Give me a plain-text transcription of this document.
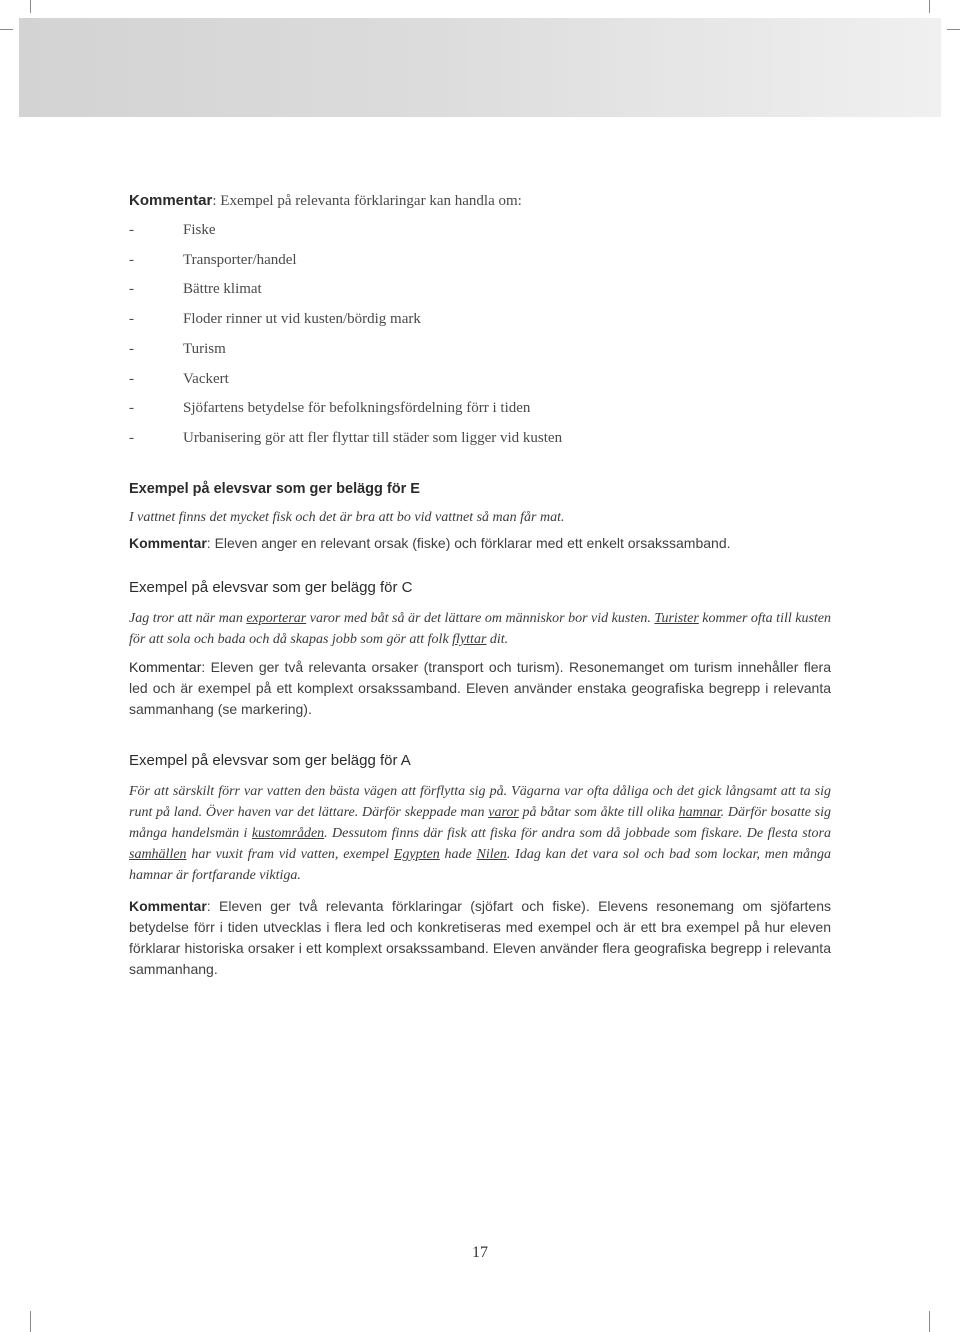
Kommentar: Exempel på relevanta förklaringar kan handla om:

-	Fiske
-	Transporter/handel
-	Bättre klimat
-	Floder rinner ut vid kusten/bördig mark
-	Turism
-	Vackert
-	Sjöfartens betydelse för befolkningsfördelning förr i tiden
-	Urbanisering gör att fler flyttar till städer som ligger vid kusten

Exempel på elevsvar som ger belägg för E

I vattnet finns det mycket fisk och det är bra att bo vid vattnet så man får mat.

Kommentar: Eleven anger en relevant orsak (fiske) och förklarar med ett enkelt orsakssamband.

Exempel på elevsvar som ger belägg för C

Jag tror att när man exporterar varor med båt så är det lättare om människor bor vid kusten. Turister kommer ofta till kusten för att sola och bada och då skapas jobb som gör att folk flyttar dit.

Kommentar: Eleven ger två relevanta orsaker (transport och turism). Resonemanget om turism innehåller flera led och är exempel på ett komplext orsakssamband. Eleven använder enstaka geografiska begrepp i relevanta sammanhang (se markering).

Exempel på elevsvar som ger belägg för A

För att särskilt förr var vatten den bästa vägen att förflytta sig på. Vägarna var ofta dåliga och det gick långsamt att ta sig runt på land. Över haven var det lättare. Därför skeppade man varor på båtar som åkte till olika hamnar. Därför bosatte sig många handelsmän i kustområden. Dessutom finns där fisk att fiska för andra som då jobbade som fiskare. De flesta stora samhällen har vuxit fram vid vatten, exempel Egypten hade Nilen. Idag kan det vara sol och bad som lockar, men många hamnar är fortfarande viktiga.

Kommentar: Eleven ger två relevanta förklaringar (sjöfart och fiske). Elevens resonemang om sjöfartens betydelse förr i tiden utvecklas i flera led och konkretiseras med exempel och är ett bra exempel på hur eleven förklarar historiska orsaker i ett komplext orsakssamband. Eleven använder flera geografiska begrepp i relevanta sammanhang.

17
